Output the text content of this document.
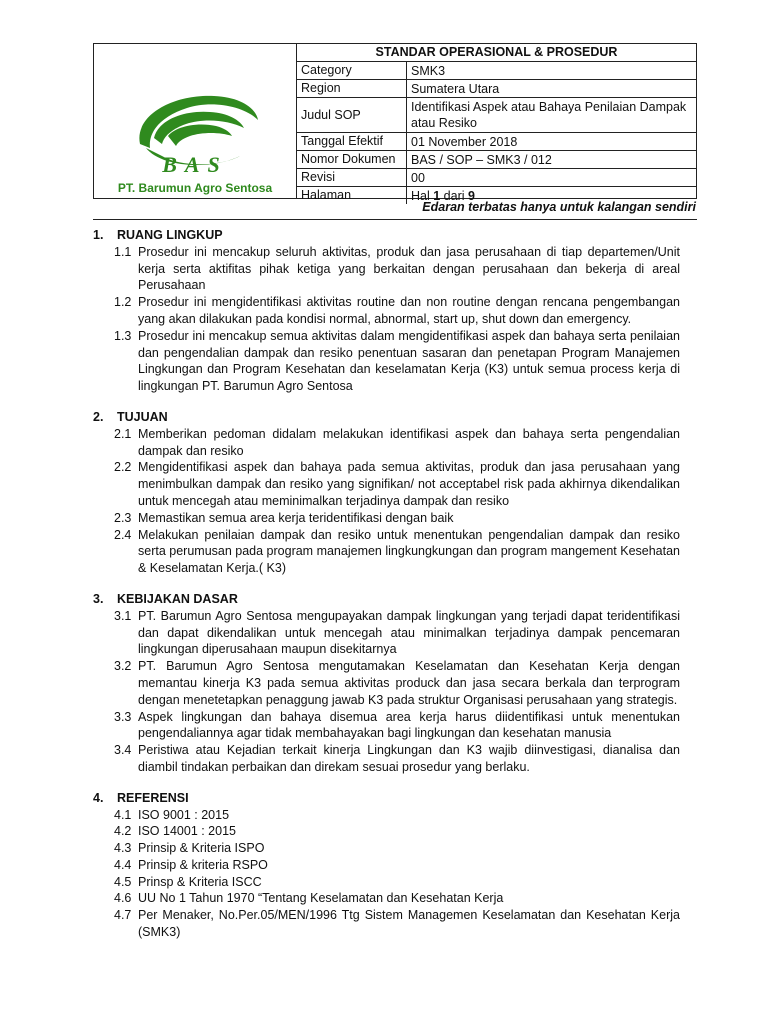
BAS
PT. Barumun Agro Sentosa
STANDAR OPERASIONAL & PROSEDUR
Category	SMK3
Region	Sumatera Utara
Judul SOP
Identifikasi Aspek atau Bahaya Penilaian Dampak atau Resiko
Tanggal Efektif	01 November 2018
Nomor Dokumen	BAS / SOP – SMK3 / 012
Revisi	00
Halaman	Hal 1 dari 9
Edaran terbatas hanya untuk kalangan sendiri
1.	RUANG LINGKUP
1.1 Prosedur ini mencakup seluruh aktivitas, produk dan jasa perusahaan di tiap departemen/Unit kerja serta aktifitas pihak ketiga yang berkaitan dengan perusahaan dan bekerja di areal Perusahaan
1.2 Prosedur ini mengidentifikasi aktivitas routine dan non routine dengan rencana pengembangan yang akan dilakukan pada kondisi normal, abnormal, start up, shut down dan emergency.
1.3 Prosedur ini mencakup semua aktivitas dalam mengidentifikasi aspek dan bahaya serta penilaian dan pengendalian dampak dan resiko penentuan sasaran dan penetapan Program Manajemen Lingkungan dan Program Kesehatan dan keselamatan Kerja (K3) untuk semua process kerja di lingkungan PT. Barumun Agro Sentosa
2.	TUJUAN
2.1 Memberikan pedoman didalam melakukan identifikasi aspek dan bahaya serta pengendalian dampak dan resiko
2.2 Mengidentifikasi aspek dan bahaya pada semua aktivitas, produk dan jasa perusahaan yang menimbulkan dampak dan resiko yang signifikan/ not acceptabel risk pada akhirnya dikendalikan untuk mencegah atau meminimalkan terjadinya dampak dan resiko
2.3 Memastikan semua area kerja teridentifikasi dengan baik
2.4 Melakukan penilaian dampak dan resiko untuk menentukan pengendalian dampak dan resiko serta perumusan pada program manajemen lingkungkungan dan program mangement Kesehatan & Keselamatan Kerja.( K3)
3.	KEBIJAKAN DASAR
3.1 PT. Barumun Agro Sentosa mengupayakan dampak lingkungan yang terjadi dapat teridentifikasi dan dapat dikendalikan untuk mencegah atau minimalkan terjadinya dampak pencemaran lingkungan diperusahaan maupun disekitarnya
3.2 PT. Barumun Agro Sentosa mengutamakan Keselamatan dan Kesehatan Kerja dengan memantau kinerja K3 pada semua aktivitas produck dan jasa secara berkala dan terprogram dengan menetetapkan penaggung jawab K3 pada struktur Organisasi perusahaan yang strategis.
3.3 Aspek lingkungan dan bahaya disemua area kerja harus diidentifikasi untuk menentukan pengendaliannya agar tidak membahayakan bagi lingkungan dan kesehatan manusia
3.4 Peristiwa atau Kejadian terkait kinerja Lingkungan dan K3 wajib diinvestigasi, dianalisa dan diambil tindakan perbaikan dan direkam sesuai prosedur yang berlaku.
4.	REFERENSI
4.1 ISO 9001 : 2015
4.2 ISO 14001 : 2015
4.3 Prinsip & Kriteria ISPO
4.4 Prinsip & kriteria RSPO
4.5 Prinsp & Kriteria ISCC
4.6 UU No 1 Tahun 1970 “Tentang Keselamatan dan Kesehatan Kerja
4.7 Per Menaker, No.Per.05/MEN/1996 Ttg Sistem Managemen Keselamatan dan Kesehatan Kerja (SMK3)
